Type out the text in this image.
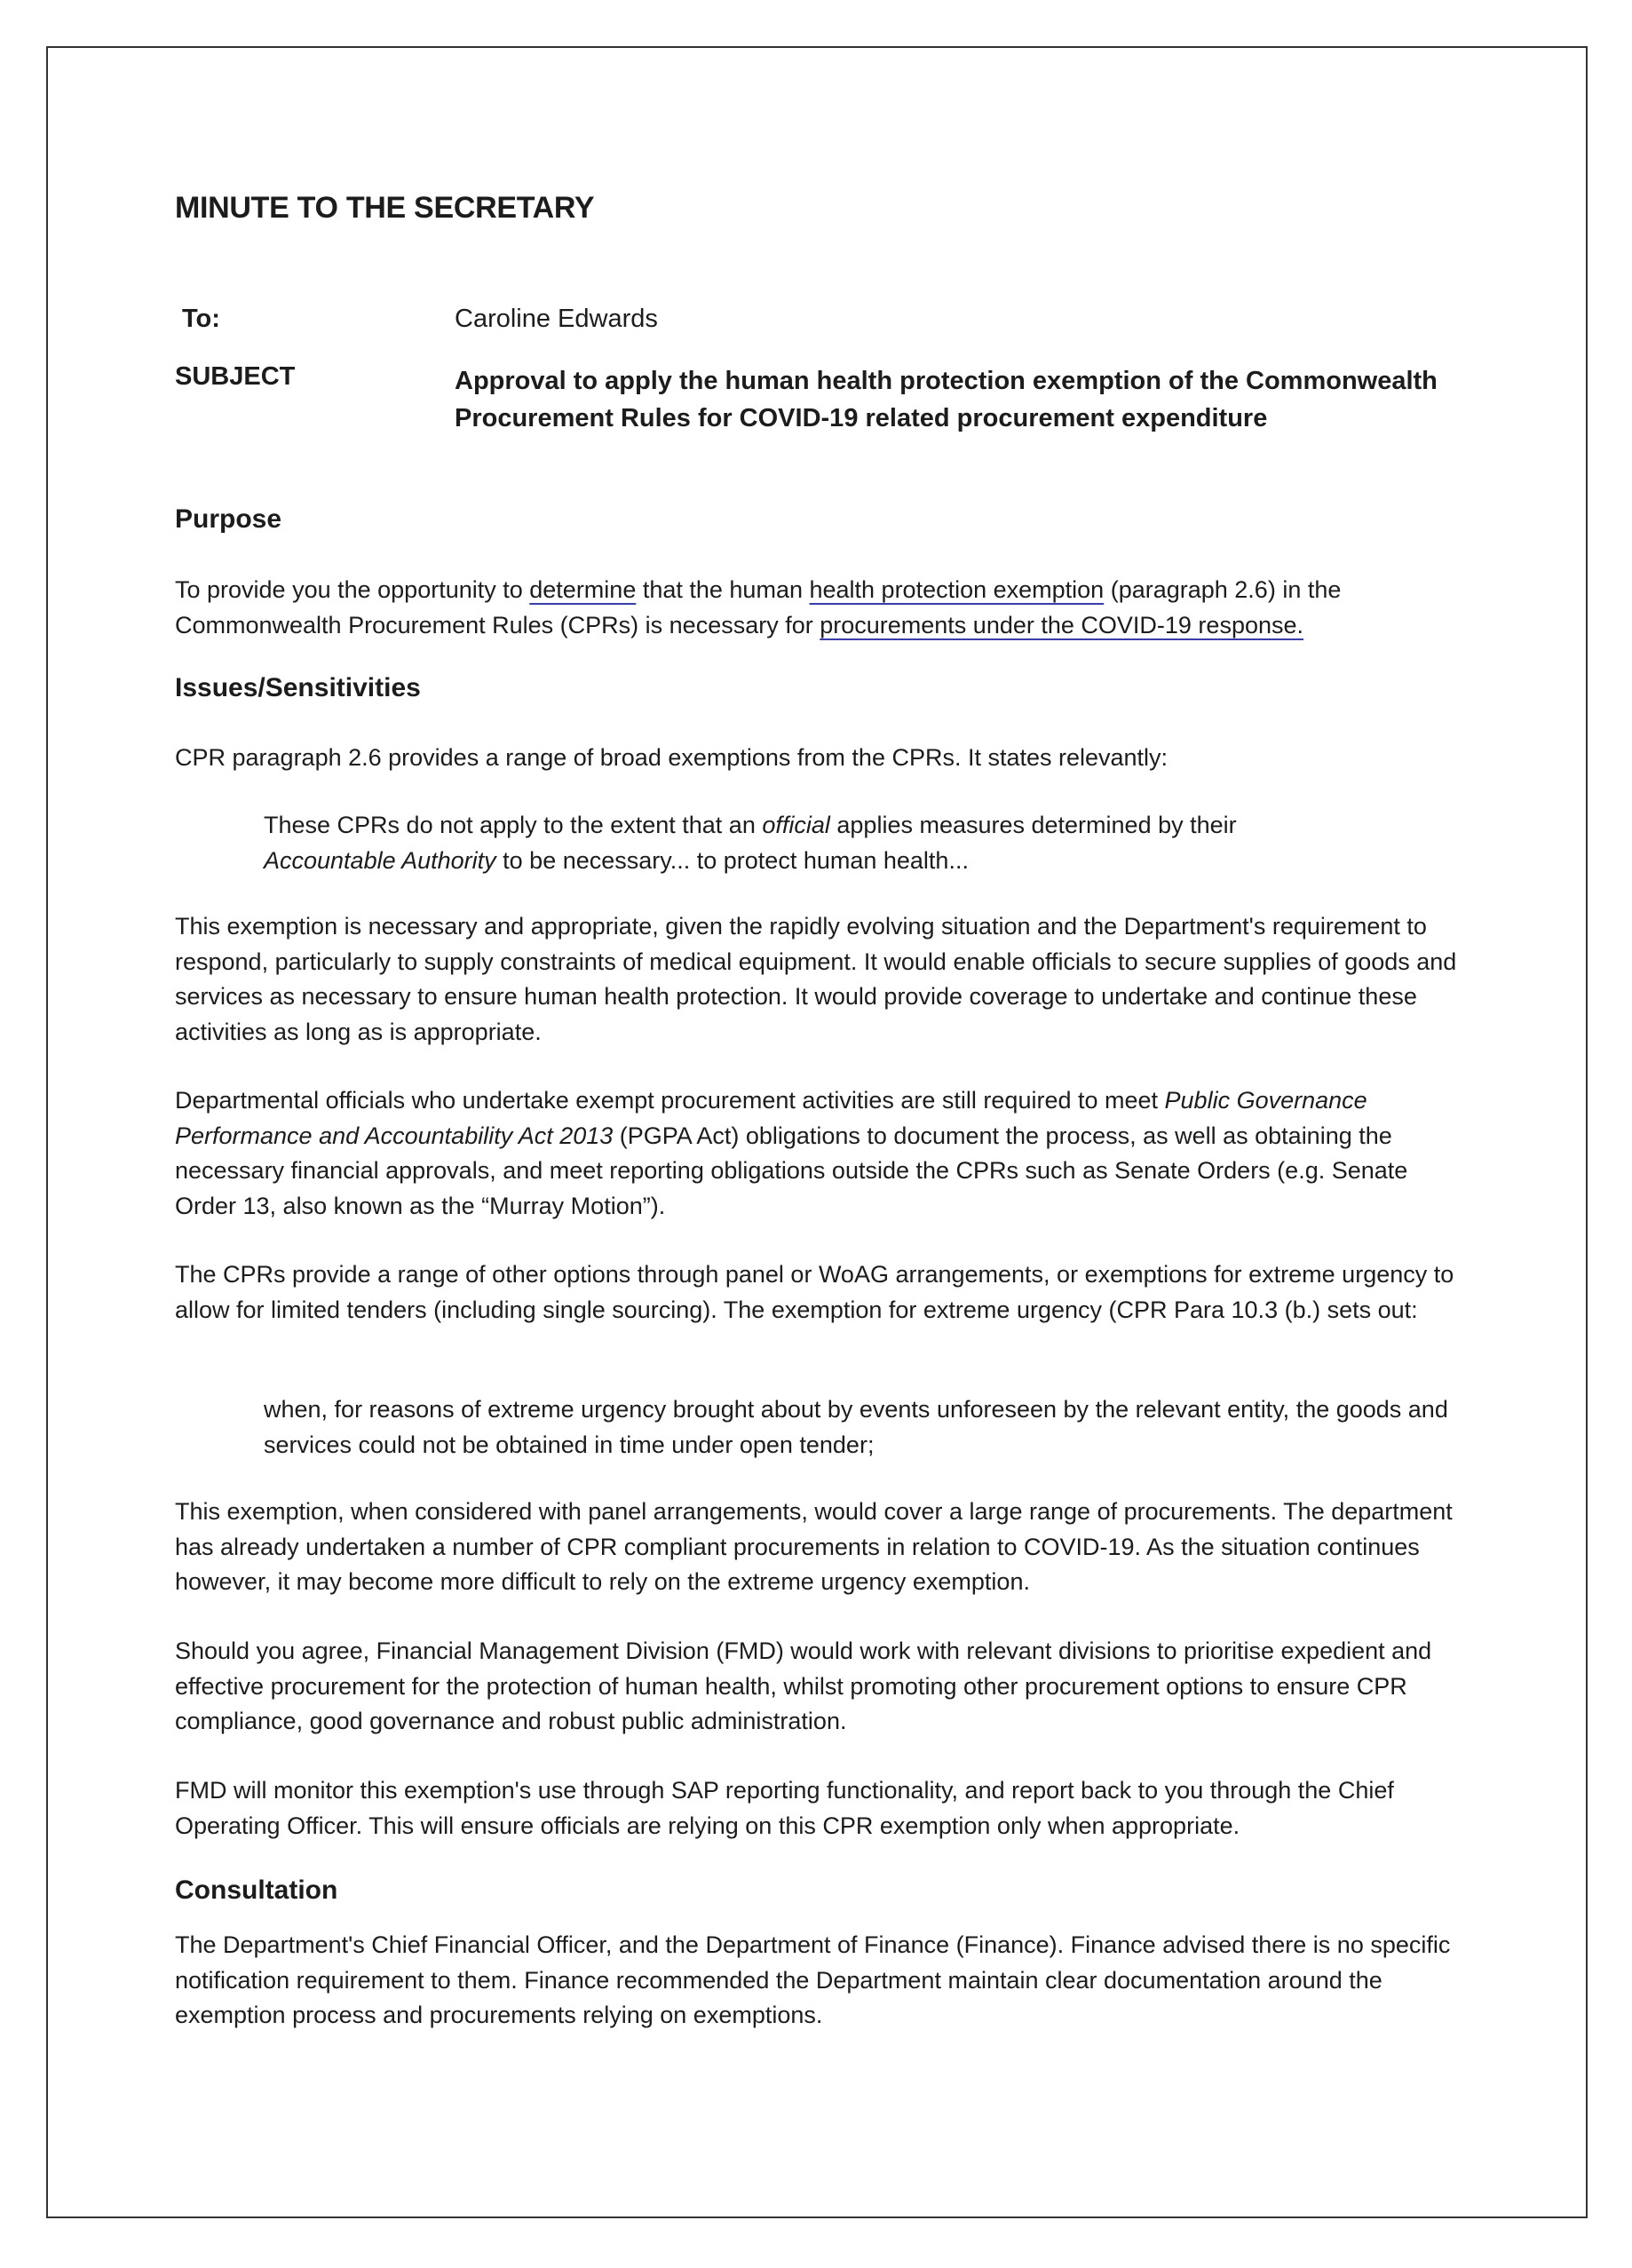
MINUTE TO THE SECRETARY
To:	Caroline Edwards
SUBJECT	Approval to apply the human health protection exemption of the Commonwealth Procurement Rules for COVID-19 related procurement expenditure
Purpose
To provide you the opportunity to determine that the human health protection exemption (paragraph 2.6) in the Commonwealth Procurement Rules (CPRs) is necessary for procurements under the COVID-19 response.
Issues/Sensitivities
CPR paragraph 2.6 provides a range of broad exemptions from the CPRs. It states relevantly:
These CPRs do not apply to the extent that an official applies measures determined by their Accountable Authority to be necessary... to protect human health...
This exemption is necessary and appropriate, given the rapidly evolving situation and the Department's requirement to respond, particularly to supply constraints of medical equipment. It would enable officials to secure supplies of goods and services as necessary to ensure human health protection. It would provide coverage to undertake and continue these activities as long as is appropriate.
Departmental officials who undertake exempt procurement activities are still required to meet Public Governance Performance and Accountability Act 2013 (PGPA Act) obligations to document the process, as well as obtaining the necessary financial approvals, and meet reporting obligations outside the CPRs such as Senate Orders (e.g. Senate Order 13, also known as the “Murray Motion”).
The CPRs provide a range of other options through panel or WoAG arrangements, or exemptions for extreme urgency to allow for limited tenders (including single sourcing). The exemption for extreme urgency (CPR Para 10.3 (b.) sets out:
when, for reasons of extreme urgency brought about by events unforeseen by the relevant entity, the goods and services could not be obtained in time under open tender;
This exemption, when considered with panel arrangements, would cover a large range of procurements. The department has already undertaken a number of CPR compliant procurements in relation to COVID-19. As the situation continues however, it may become more difficult to rely on the extreme urgency exemption.
Should you agree, Financial Management Division (FMD) would work with relevant divisions to prioritise expedient and effective procurement for the protection of human health, whilst promoting other procurement options to ensure CPR compliance, good governance and robust public administration.
FMD will monitor this exemption's use through SAP reporting functionality, and report back to you through the Chief Operating Officer. This will ensure officials are relying on this CPR exemption only when appropriate.
Consultation
The Department's Chief Financial Officer, and the Department of Finance (Finance). Finance advised there is no specific notification requirement to them. Finance recommended the Department maintain clear documentation around the exemption process and procurements relying on exemptions.
